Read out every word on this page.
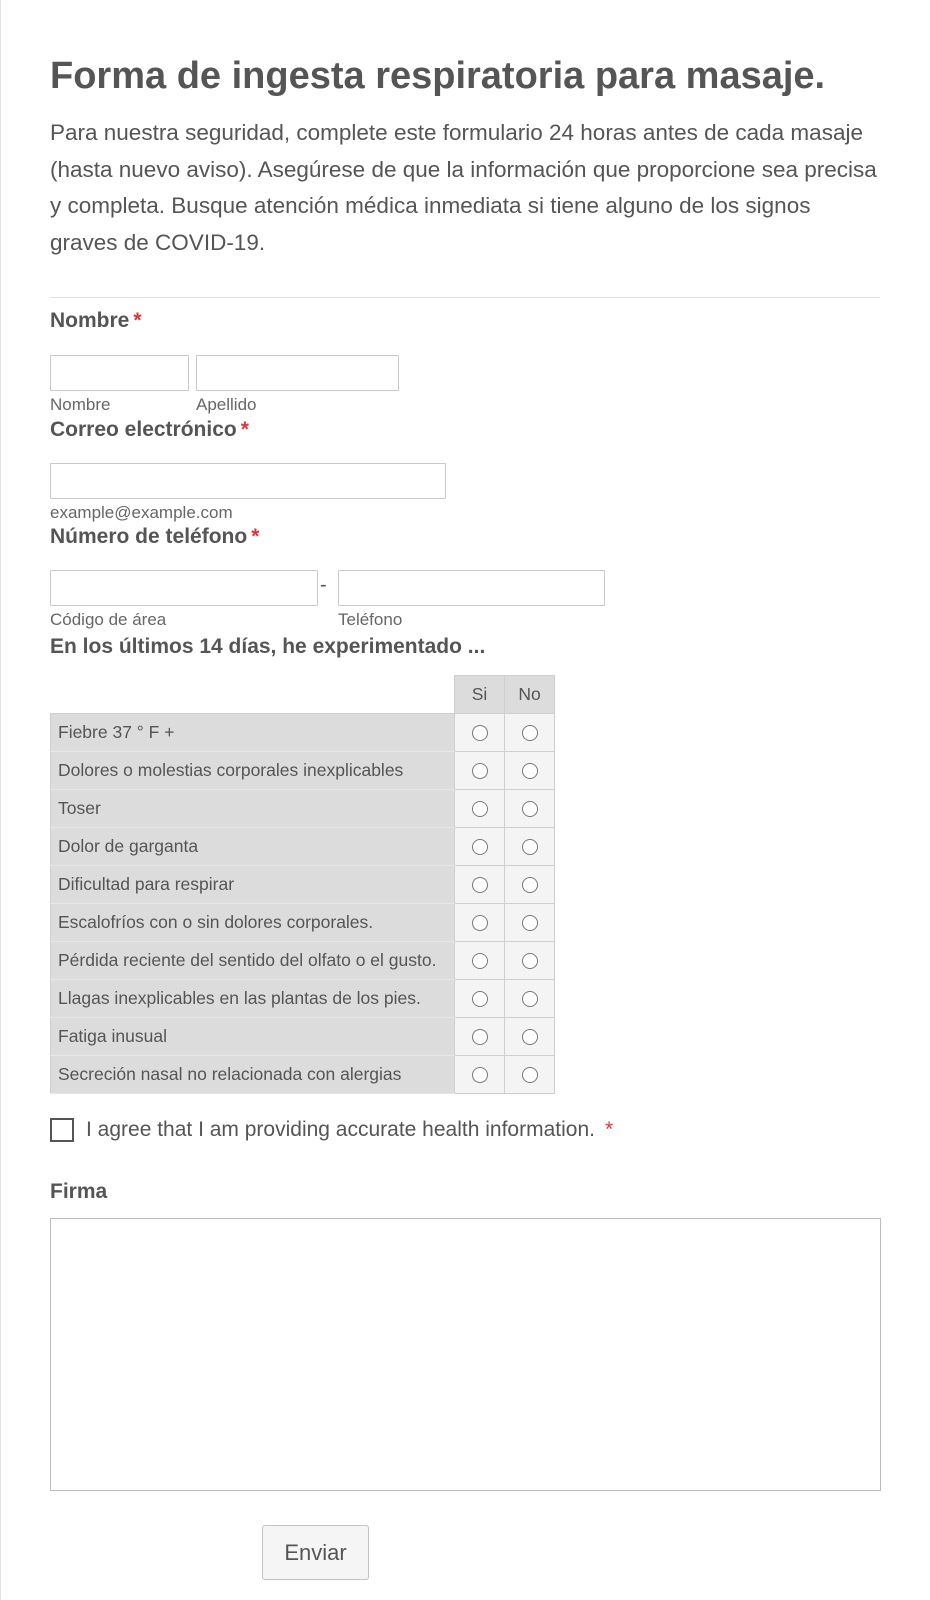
Forma de ingesta respiratoria para masaje.

Para nuestra seguridad, complete este formulario 24 horas antes de cada masaje (hasta nuevo aviso). Asegúrese de que la información que proporcione sea precisa y completa. Busque atención médica inmediata si tiene alguno de los signos graves de COVID-19.

Nombre *
Nombre	Apellido
Correo electrónico *
example@example.com
Número de teléfono *
-
Código de área	Teléfono
En los últimos 14 días, he experimentado ...
	Si	No
Fiebre 37 ° F +		
Dolores o molestias corporales inexplicables		
Toser		
Dolor de garganta		
Dificultad para respirar		
Escalofríos con o sin dolores corporales.		
Pérdida reciente del sentido del olfato o el gusto.		
Llagas inexplicables en las plantas de los pies.		
Fatiga inusual		
Secreción nasal no relacionada con alergias		
I agree that I am providing accurate health information. *
Firma
Enviar
